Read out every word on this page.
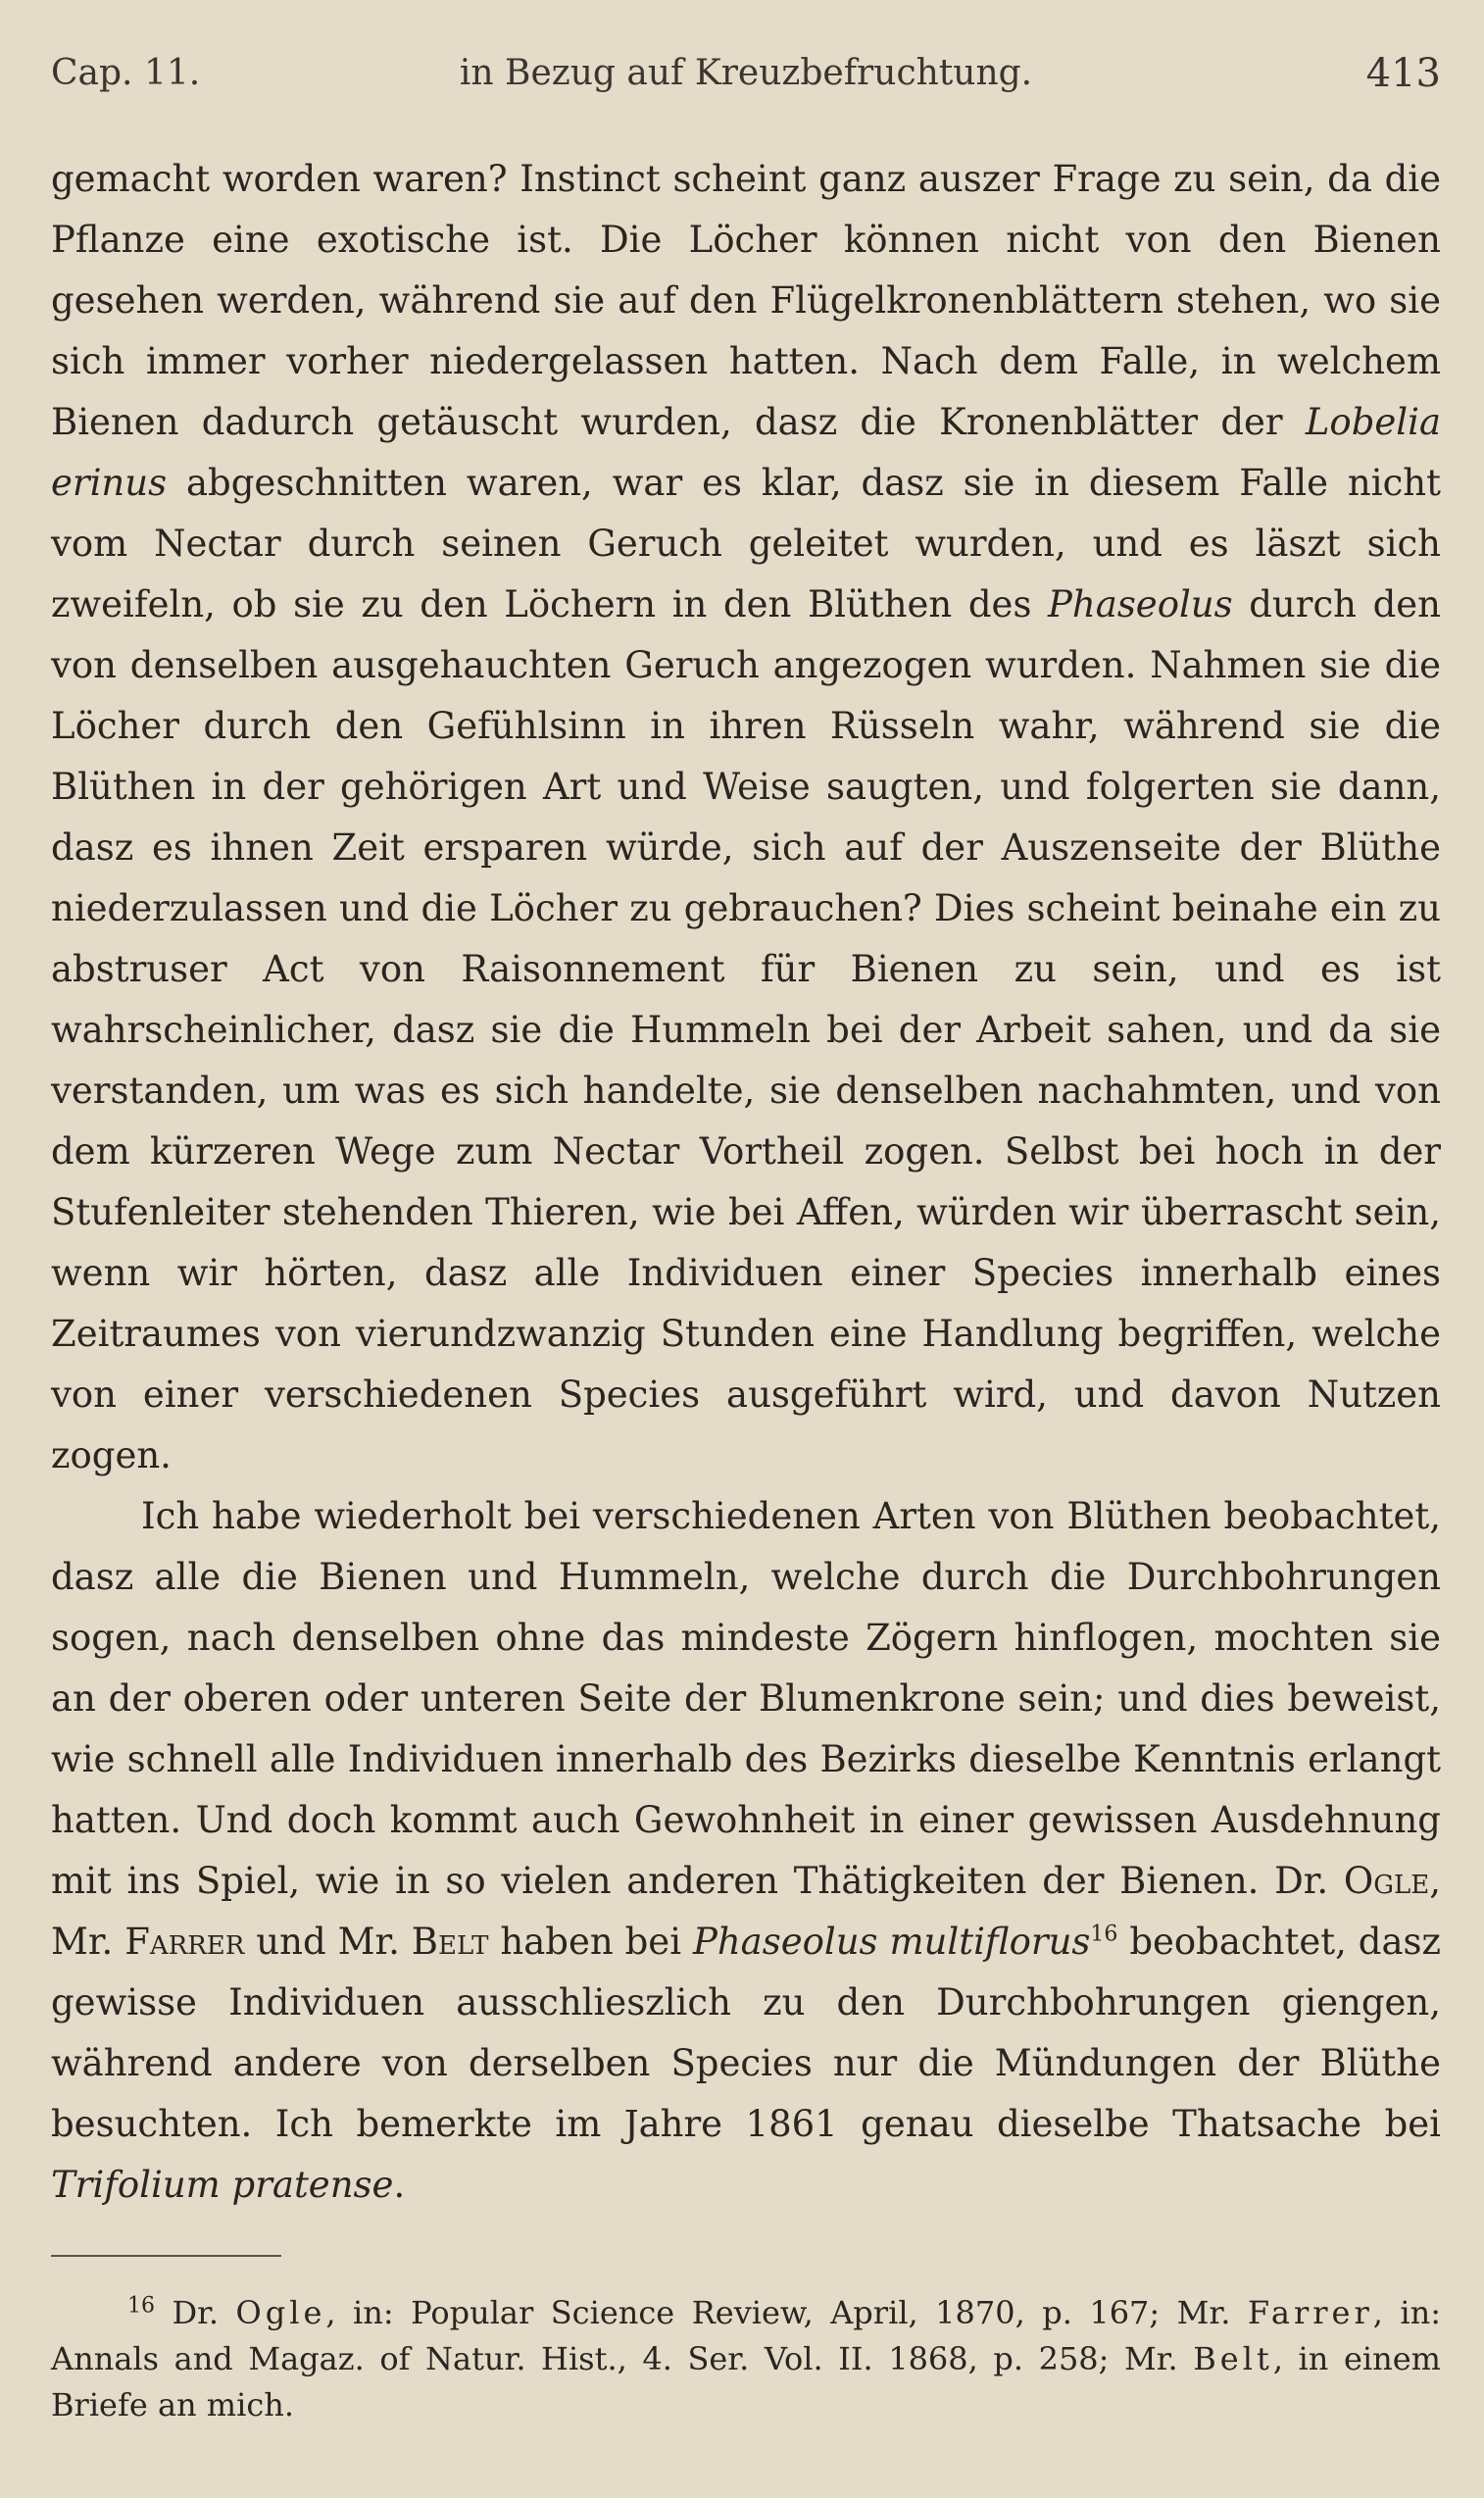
Cap. 11.	in Bezug auf Kreuzbefruchtung.	413

gemacht worden waren? Instinct scheint ganz auszer Frage zu sein, da die Pflanze eine exotische ist. Die Löcher können nicht von den Bienen gesehen werden, während sie auf den Flügelkronenblättern stehen, wo sie sich immer vorher niedergelassen hatten. Nach dem Falle, in welchem Bienen dadurch getäuscht wurden, dasz die Kronenblätter der Lobelia erinus abgeschnitten waren, war es klar, dasz sie in diesem Falle nicht vom Nectar durch seinen Geruch geleitet wurden, und es läszt sich zweifeln, ob sie zu den Löchern in den Blüthen des Phaseolus durch den von denselben ausgehauchten Geruch angezogen wurden. Nahmen sie die Löcher durch den Gefühlsinn in ihren Rüsseln wahr, während sie die Blüthen in der gehörigen Art und Weise saugten, und folgerten sie dann, dasz es ihnen Zeit ersparen würde, sich auf der Auszenseite der Blüthe niederzulassen und die Löcher zu gebrauchen? Dies scheint beinahe ein zu abstruser Act von Raisonnement für Bienen zu sein, und es ist wahrscheinlicher, dasz sie die Hummeln bei der Arbeit sahen, und da sie verstanden, um was es sich handelte, sie denselben nachahmten, und von dem kürzeren Wege zum Nectar Vortheil zogen. Selbst bei hoch in der Stufenleiter stehenden Thieren, wie bei Affen, würden wir überrascht sein, wenn wir hörten, dasz alle Individuen einer Species innerhalb eines Zeitraumes von vierundzwanzig Stunden eine Handlung begriffen, welche von einer verschiedenen Species ausgeführt wird, und davon Nutzen zogen.

Ich habe wiederholt bei verschiedenen Arten von Blüthen beobachtet, dasz alle die Bienen und Hummeln, welche durch die Durchbohrungen sogen, nach denselben ohne das mindeste Zögern hinflogen, mochten sie an der oberen oder unteren Seite der Blumenkrone sein; und dies beweist, wie schnell alle Individuen innerhalb des Bezirks dieselbe Kenntnis erlangt hatten. Und doch kommt auch Gewohnheit in einer gewissen Ausdehnung mit ins Spiel, wie in so vielen anderen Thätigkeiten der Bienen. Dr. Ogle, Mr. Farrer und Mr. Belt haben bei Phaseolus multiflorus$^{16}$ beobachtet, dasz gewisse Individuen ausschlieszlich zu den Durchbohrungen giengen, während andere von derselben Species nur die Mündungen der Blüthe besuchten. Ich bemerkte im Jahre 1861 genau dieselbe Thatsache bei Trifolium pratense.

$^{16}$ Dr. Ogle, in: Popular Science Review, April, 1870, p. 167; Mr. Farrer, in: Annals and Magaz. of Natur. Hist., 4. Ser. Vol. II. 1868, p. 258; Mr. Belt, in einem Briefe an mich.
